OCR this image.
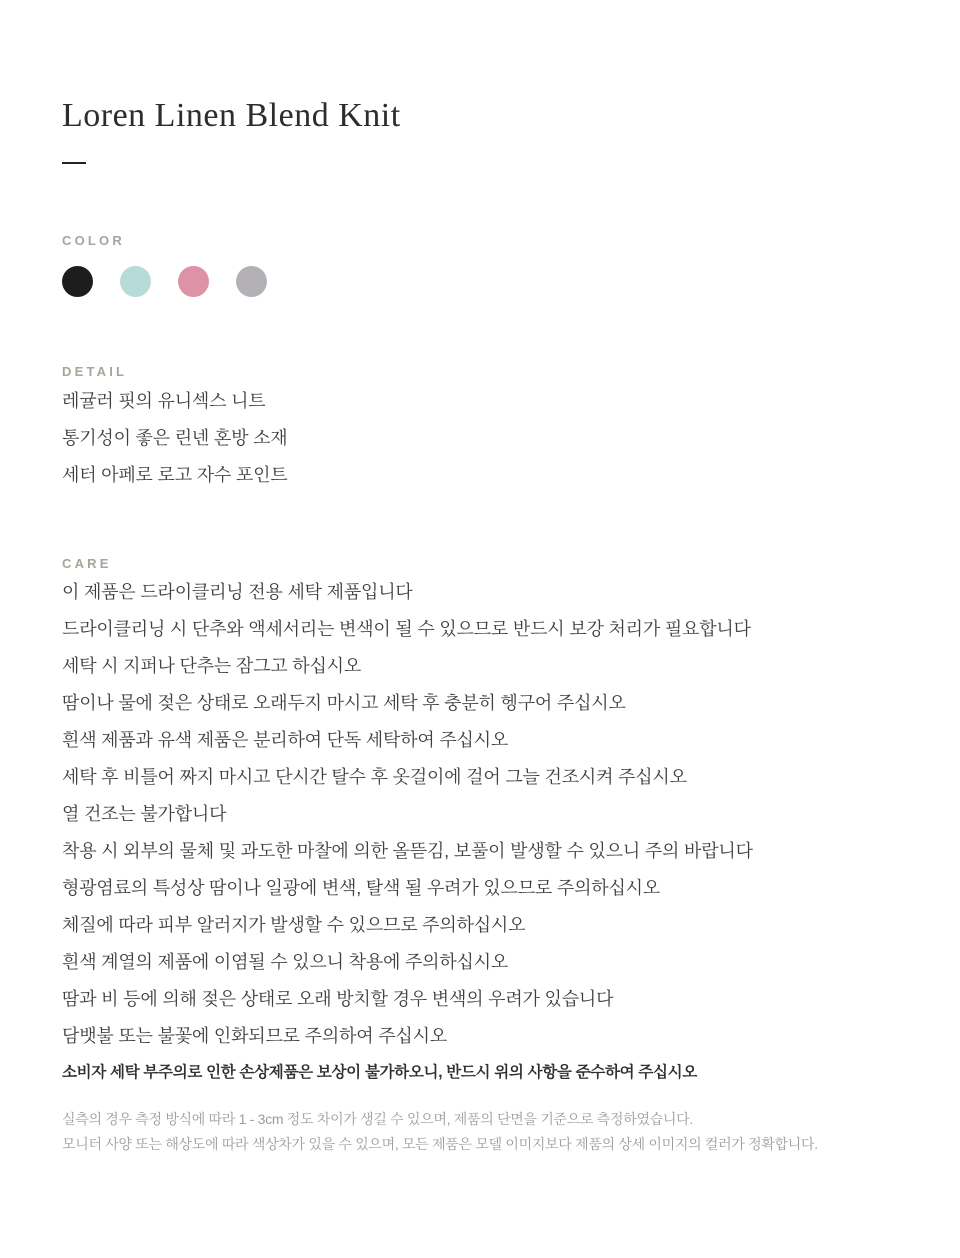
Loren Linen Blend Knit
COLOR
DETAIL
레귤러 핏의 유니섹스 니트
통기성이 좋은 린넨 혼방 소재
세터 아페로 로고 자수 포인트
CARE
이 제품은 드라이클리닝 전용 세탁 제품입니다
드라이클리닝 시 단추와 액세서리는 변색이 될 수 있으므로 반드시 보강 처리가 필요합니다
세탁 시 지퍼나 단추는 잠그고 하십시오
땀이나 물에 젖은 상태로 오래두지 마시고 세탁 후 충분히 헹구어 주십시오
흰색 제품과 유색 제품은 분리하여 단독 세탁하여 주십시오
세탁 후 비틀어 짜지 마시고 단시간 탈수 후 옷걸이에 걸어 그늘 건조시켜 주십시오
열 건조는 불가합니다
착용 시 외부의 물체 및 과도한 마찰에 의한 올뜯김, 보풀이 발생할 수 있으니 주의 바랍니다
형광염료의 특성상 땀이나 일광에 변색, 탈색 될 우려가 있으므로 주의하십시오
체질에 따라 피부 알러지가 발생할 수 있으므로 주의하십시오
흰색 계열의 제품에 이염될 수 있으니 착용에 주의하십시오
땀과 비 등에 의해 젖은 상태로 오래 방치할 경우 변색의 우려가 있습니다
담뱃불 또는 불꽃에 인화되므로 주의하여 주십시오

소비자 세탁 부주의로 인한 손상제품은 보상이 불가하오니, 반드시 위의 사항을 준수하여 주십시오

실측의 경우 측정 방식에 따라 1 - 3cm 정도 차이가 생길 수 있으며, 제품의 단면을 기준으로 측정하였습니다.

모니터 사양 또는 해상도에 따라 색상차가 있을 수 있으며, 모든 제품은 모델 이미지보다 제품의 상세 이미지의 컬러가 정확합니다.
